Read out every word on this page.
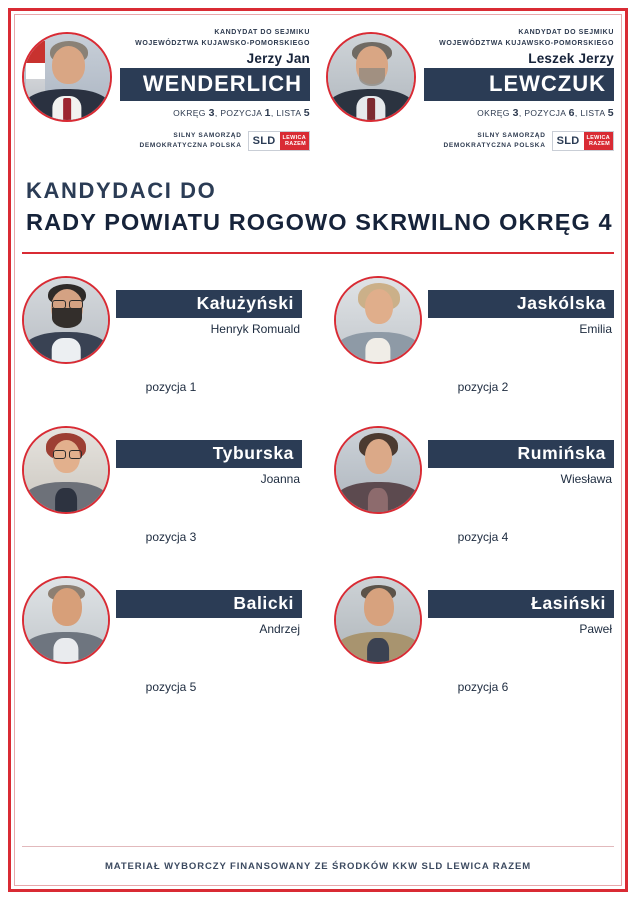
KANDYDAT DO SEJMIKU
WOJEWÓDZTWA KUJAWSKO-POMORSKIEGO
Jerzy Jan
WENDERLICH
OKRĘG 3, POZYCJA 1, LISTA 5
SILNY SAMORZĄD
DEMOKRATYCZNA POLSKA	SLD	LEWICA
RAZEM
KANDYDAT DO SEJMIKU
WOJEWÓDZTWA KUJAWSKO-POMORSKIEGO
Leszek Jerzy
LEWCZUK
OKRĘG 3, POZYCJA 6, LISTA 5
SILNY SAMORZĄD
DEMOKRATYCZNA POLSKA	SLD	LEWICA
RAZEM
KANDYDACI DO
RADY POWIATU ROGOWO SKRWILNO OKRĘG 4
Kałużyński
Henryk Romuald
pozycja 1
Jaskólska
Emilia
pozycja 2
Tyburska
Joanna
pozycja 3
Rumińska
Wiesława
pozycja 4
Balicki
Andrzej
pozycja 5
Łasiński
Paweł
pozycja 6
MATERIAŁ WYBORCZY FINANSOWANY ZE ŚRODKÓW KKW SLD LEWICA RAZEM
